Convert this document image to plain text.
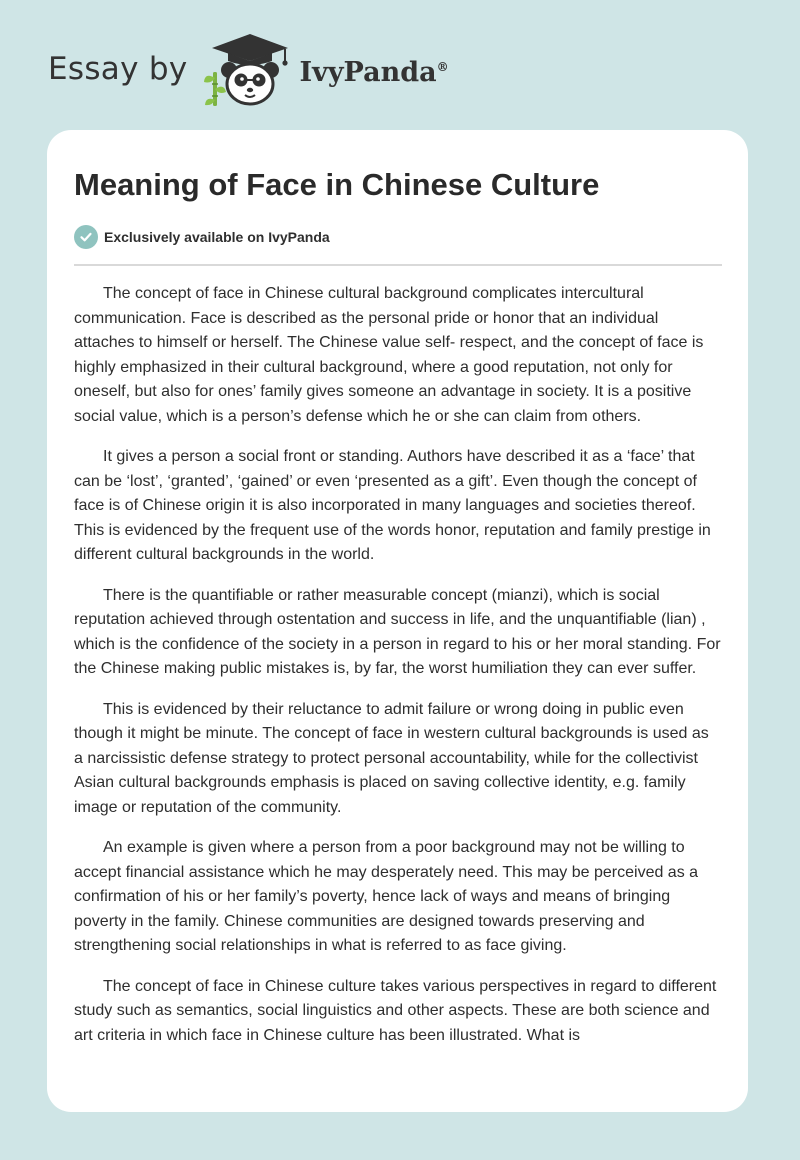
Essay by	IvyPanda®
Meaning of Face in Chinese Culture
Exclusively available on IvyPanda

The concept of face in Chinese cultural background complicates intercultural communication. Face is described as the personal pride or honor that an individual attaches to himself or herself. The Chinese value self- respect, and the concept of face is highly emphasized in their cultural background, where a good reputation, not only for oneself, but also for ones’ family gives someone an advantage in society. It is a positive social value, which is a person’s defense which he or she can claim from others.

It gives a person a social front or standing. Authors have described it as a ‘face’ that can be ‘lost’, ‘granted’, ‘gained’ or even ‘presented as a gift’. Even though the concept of face is of Chinese origin it is also incorporated in many languages and societies thereof. This is evidenced by the frequent use of the words honor, reputation and family prestige in different cultural backgrounds in the world.

There is the quantifiable or rather measurable concept (mianzi), which is social reputation achieved through ostentation and success in life, and the unquantifiable (lian) , which is the confidence of the society in a person in regard to his or her moral standing. For the Chinese making public mistakes is, by far, the worst humiliation they can ever suffer.

This is evidenced by their reluctance to admit failure or wrong doing in public even though it might be minute. The concept of face in western cultural backgrounds is used as a narcissistic defense strategy to protect personal accountability, while for the collectivist Asian cultural backgrounds emphasis is placed on saving collective identity, e.g. family image or reputation of the community.

An example is given where a person from a poor background may not be willing to accept financial assistance which he may desperately need. This may be perceived as a confirmation of his or her family’s poverty, hence lack of ways and means of bringing poverty in the family. Chinese communities are designed towards preserving and strengthening social relationships in what is referred to as face giving.

The concept of face in Chinese culture takes various perspectives in regard to different study such as semantics, social linguistics and other aspects. These are both science and art criteria in which face in Chinese culture has been illustrated. What is
